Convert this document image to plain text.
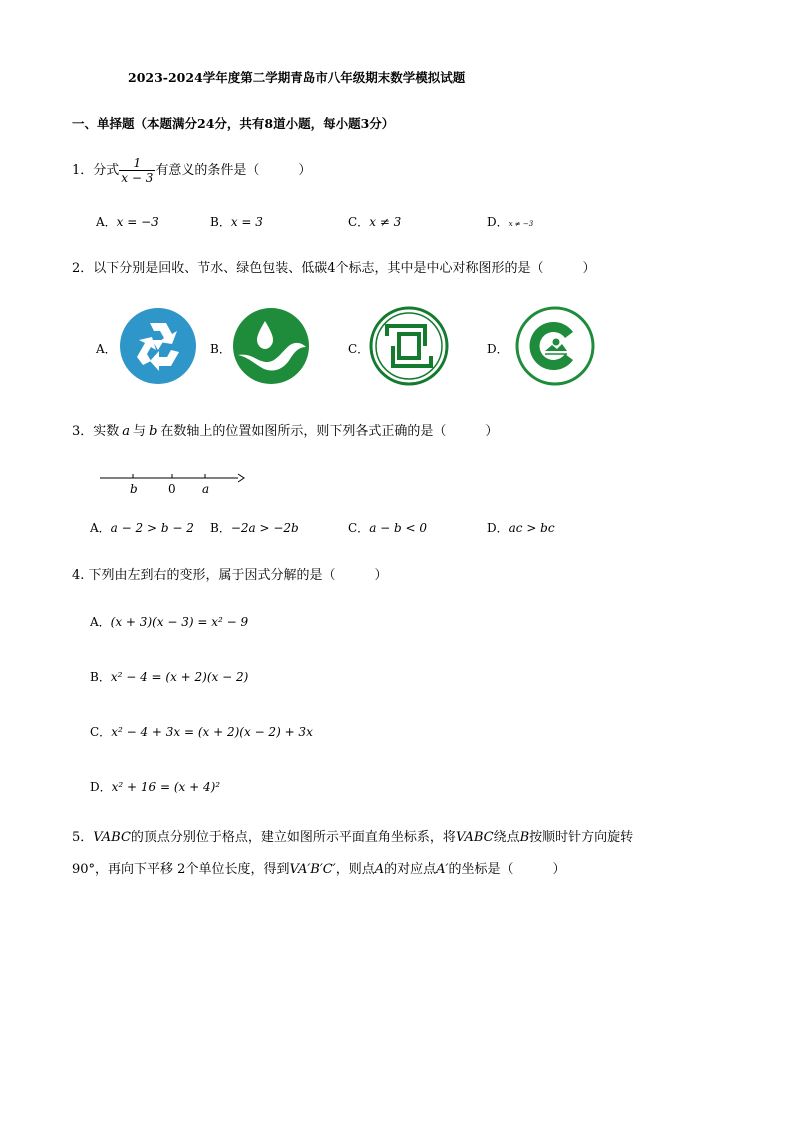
2023-2024学年度第二学期青岛市八年级期末数学模拟试题
一、单择题（本题满分24分，共有8道小题，每小题3分）
1．分式 $\frac{1}{x - 3}$ 有意义的条件是（　　　）
A．x = −3	B．x = 3	C．x ≠ 3	D．x ≠ −3
2．以下分别是回收、节水、绿色包装、低碳4个标志，其中是中心对称图形的是（　　　）
A．	B．	C．	D．
3．实数 a 与 b 在数轴上的位置如图所示，则下列各式正确的是（　　　）
b	0 a
A．a − 2 > b − 2 B．−2a > −2b	C．a − b < 0	D．ac > bc
4. 下列由左到右的变形，属于因式分解的是（　　　）
A．(x + 3)(x − 3) = x² − 9
B．x² − 4 = (x + 2)(x − 2)
C．x² − 4 + 3x = (x + 2)(x − 2) + 3x
D．x² + 16 = (x + 4)²
5．VABC的顶点分别位于格点，建立如图所示平面直角坐标系，将VABC绕点B按顺时针方向旋转
90°，再向下平移 2个单位长度，得到VA′B′C′，则点A的对应点A′的坐标是（　　　）
